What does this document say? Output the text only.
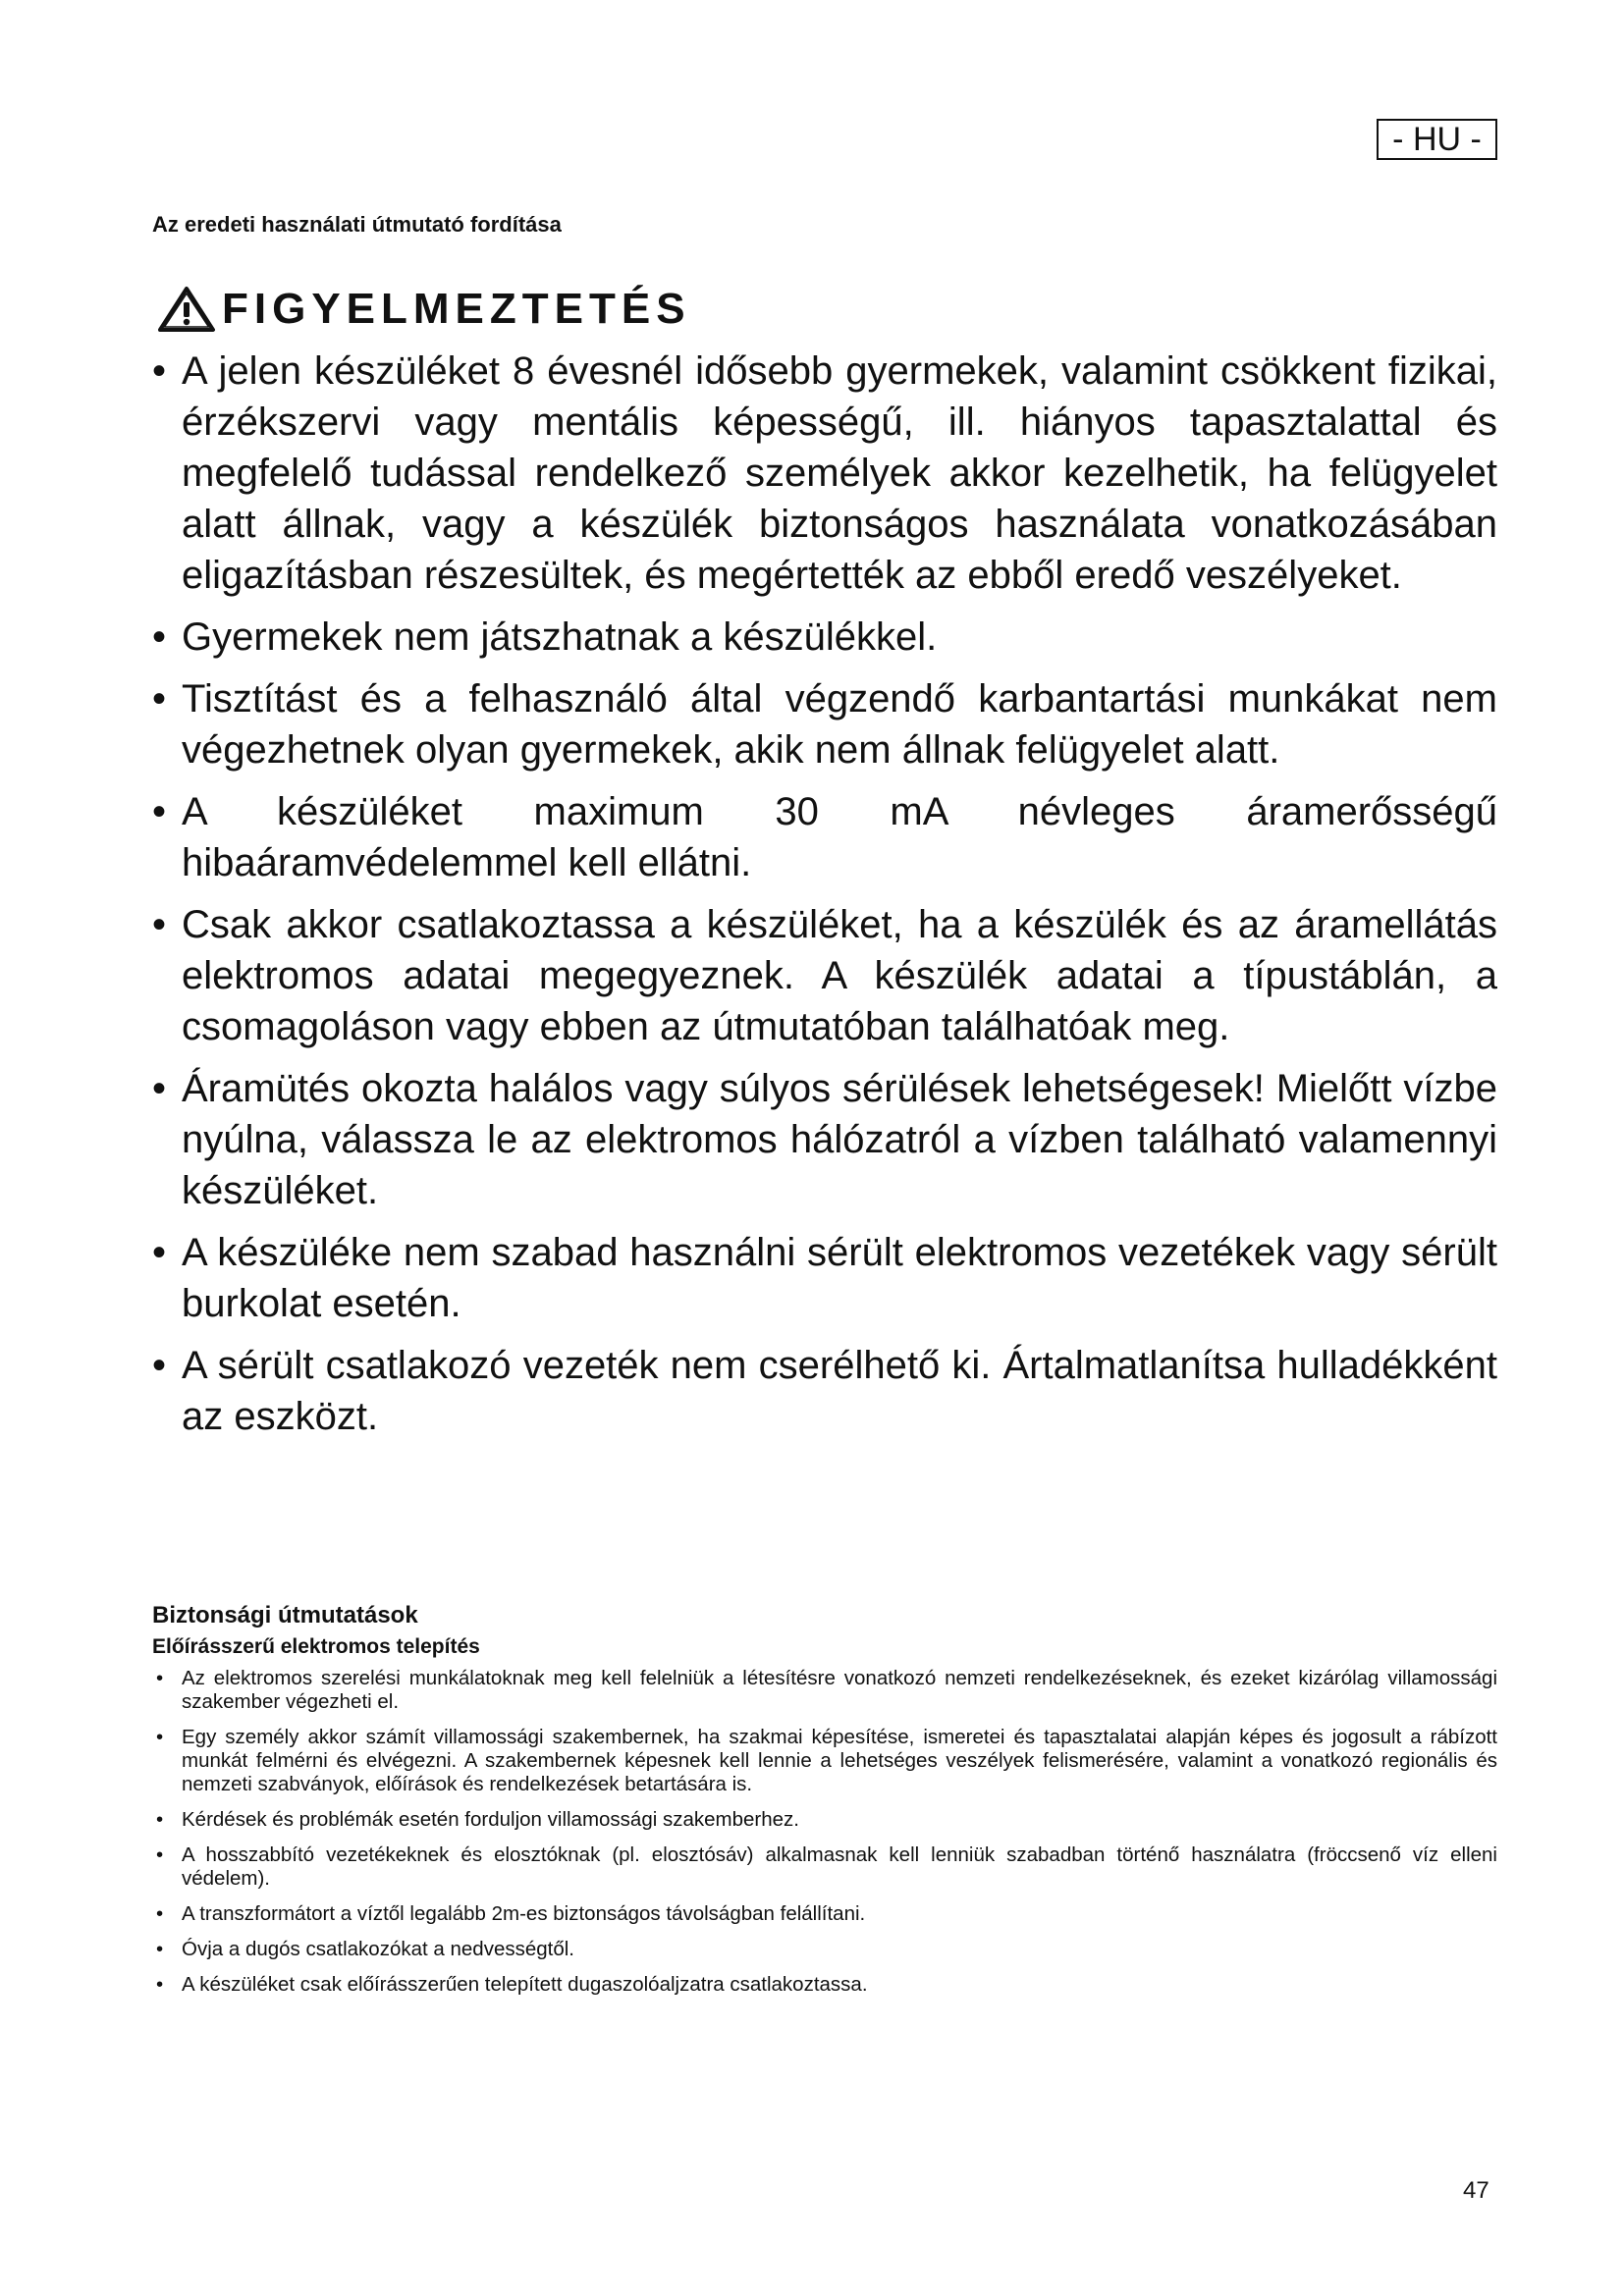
- HU -
Az eredeti használati útmutató fordítása
FIGYELMEZTETÉS
• A jelen készüléket 8 évesnél idősebb gyermekek, valamint csökkent fizikai, érzékszervi vagy mentális képességű, ill. hiányos tapasztalattal és megfelelő tudással rendelkező személyek akkor kezelhetik, ha felügyelet alatt állnak, vagy a készülék biztonságos használata vonatkozásában eligazításban részesültek, és megértették az ebből eredő veszélyeket.
• Gyermekek nem játszhatnak a készülékkel.
• Tisztítást és a felhasználó által végzendő karbantartási munkákat nem végezhetnek olyan gyermekek, akik nem állnak felügyelet alatt.
• A készüléket maximum 30 mA névleges áramerősségű hibaáramvédelemmel kell ellátni.
• Csak akkor csatlakoztassa a készüléket, ha a készülék és az áramellátás elektromos adatai megegyeznek. A készülék adatai a típustáblán, a csomagoláson vagy ebben az útmutatóban találhatóak meg.
• Áramütés okozta halálos vagy súlyos sérülések lehetségesek! Mielőtt vízbe nyúlna, válassza le az elektromos hálózatról a vízben található valamennyi készüléket.
• A készüléke nem szabad használni sérült elektromos vezetékek vagy sérült burkolat esetén.
• A sérült csatlakozó vezeték nem cserélhető ki. Ártalmatlanítsa hulladékként az eszközt.
Biztonsági útmutatások
Előírásszerű elektromos telepítés
• Az elektromos szerelési munkálatoknak meg kell felelniük a létesítésre vonatkozó nemzeti rendelkezéseknek, és ezeket kizárólag villamossági szakember végezheti el.
• Egy személy akkor számít villamossági szakembernek, ha szakmai képesítése, ismeretei és tapasztalatai alapján képes és jogosult a rábízott munkát felmérni és elvégezni. A szakembernek képesnek kell lennie a lehetséges veszélyek felismerésére, valamint a vonatkozó regionális és nemzeti szabványok, előírások és rendelkezések betartására is.
• Kérdések és problémák esetén forduljon villamossági szakemberhez.
• A hosszabbító vezetékeknek és elosztóknak (pl. elosztósáv) alkalmasnak kell lenniük szabadban történő használatra (fröccsenő víz elleni védelem).
• A transzformátort a víztől legalább 2m-es biztonságos távolságban felállítani.
• Óvja a dugós csatlakozókat a nedvességtől.
• A készüléket csak előírásszerűen telepített dugaszolóaljzatra csatlakoztassa.
47
